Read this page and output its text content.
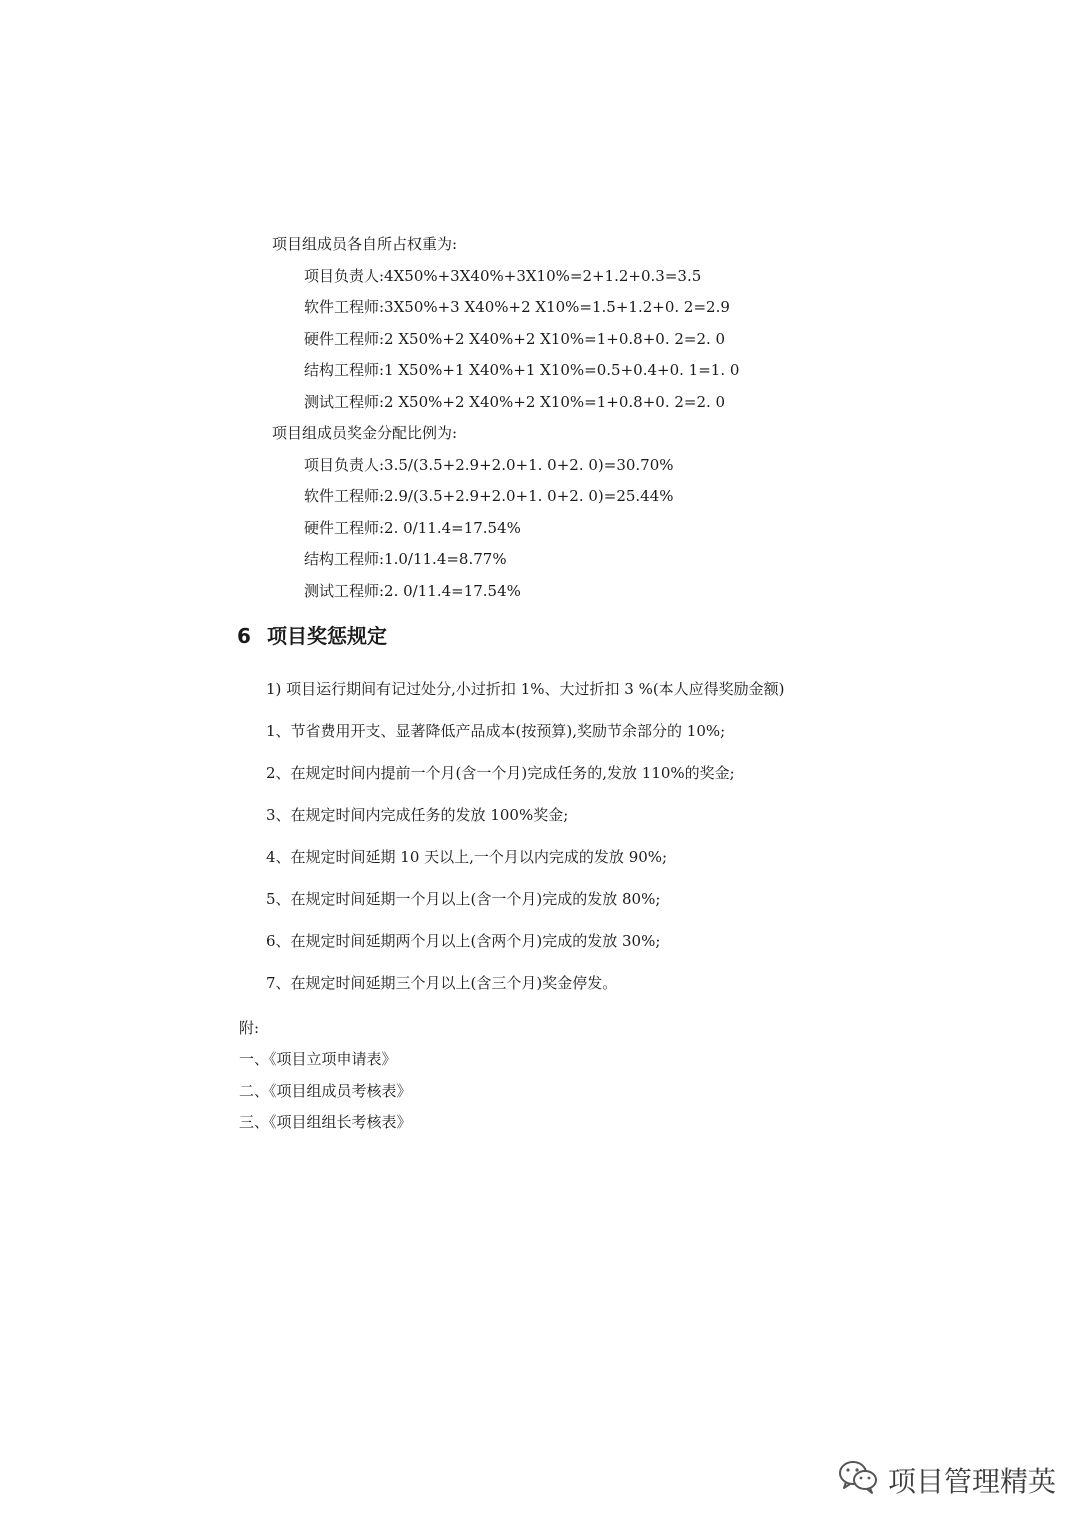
项目组成员各自所占权重为:
项目负责人:4X50%+3X40%+3X10%=2+1.2+0.3=3.5
软件工程师:3X50%+3 X40%+2 X10%=1.5+1.2+0. 2=2.9
硬件工程师:2 X50%+2 X40%+2 X10%=1+0.8+0. 2=2. 0
结构工程师:1 X50%+1 X40%+1 X10%=0.5+0.4+0. 1=1. 0
测试工程师:2 X50%+2 X40%+2 X10%=1+0.8+0. 2=2. 0
项目组成员奖金分配比例为:
项目负责人:3.5/(3.5+2.9+2.0+1. 0+2. 0)=30.70%
软件工程师:2.9/(3.5+2.9+2.0+1. 0+2. 0)=25.44%
硬件工程师:2. 0/11.4=17.54%
结构工程师:1.0/11.4=8.77%
测试工程师:2. 0/11.4=17.54%
6 项目奖惩规定
1) 项目运行期间有记过处分,小过折扣 1%、大过折扣 3 %(本人应得奖励金额)
1、节省费用开支、显著降低产品成本(按预算),奖励节余部分的 10%;
2、在规定时间内提前一个月(含一个月)完成任务的,发放 110%的奖金;
3、在规定时间内完成任务的发放 100%奖金;
4、在规定时间延期 10 天以上,一个月以内完成的发放 90%;
5、在规定时间延期一个月以上(含一个月)完成的发放 80%;
6、在规定时间延期两个月以上(含两个月)完成的发放 30%;
7、在规定时间延期三个月以上(含三个月)奖金停发。
附:
一、《项目立项申请表》
二、《项目组成员考核表》
三、《项目组组长考核表》
项目管理精英
